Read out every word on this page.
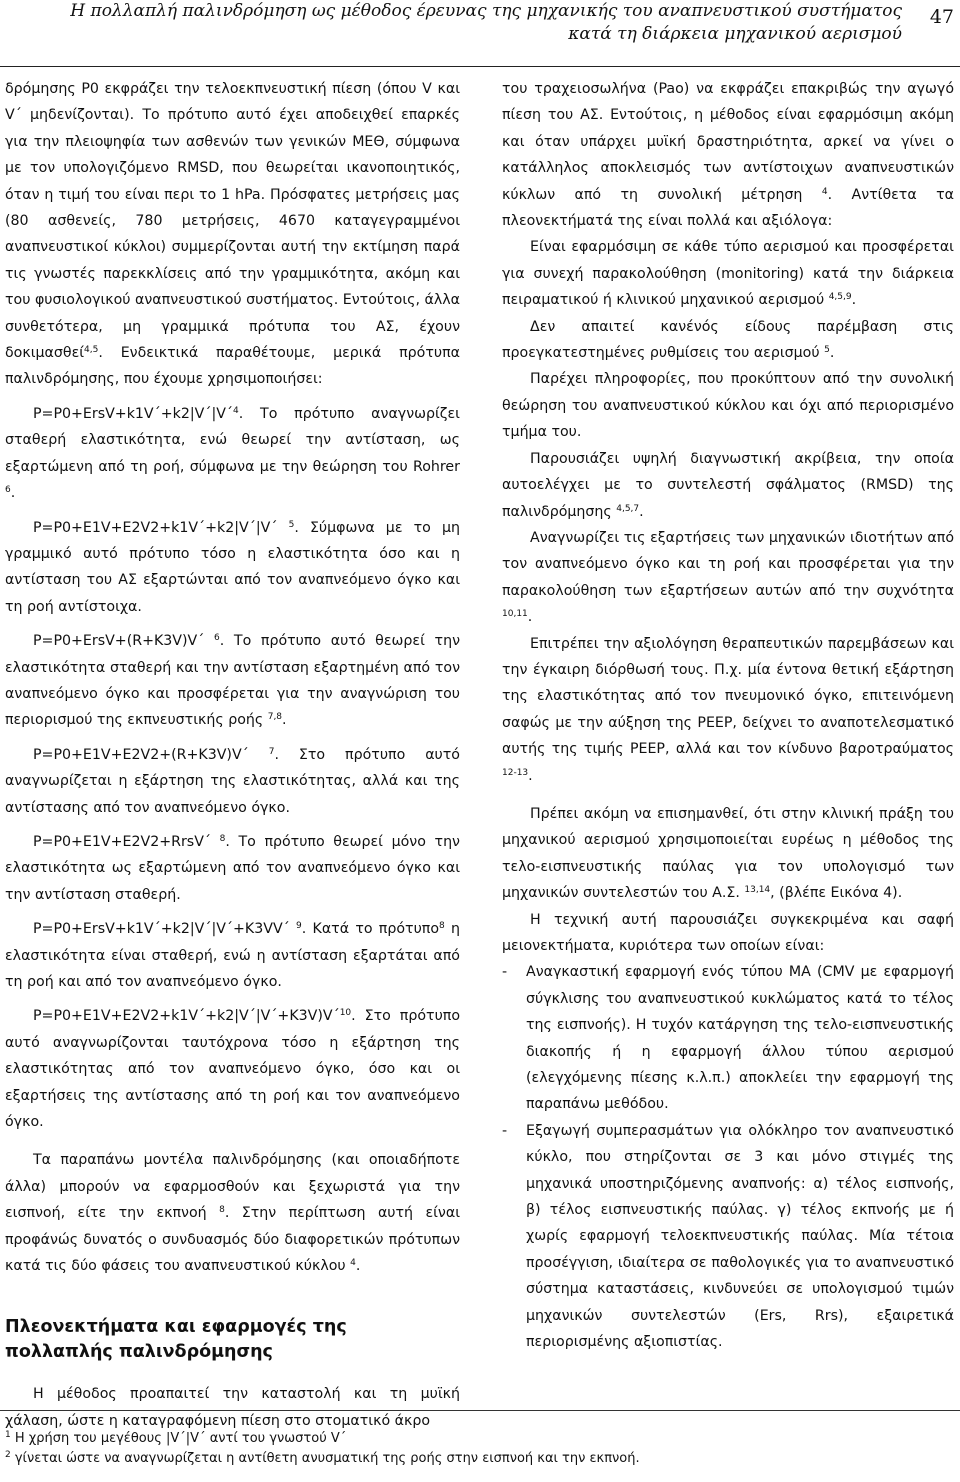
Η πολλαπλή παλινδρόμηση ως μέθοδος έρευνας της μηχανικής του αναπνευστικού συστήματος
κατά τη διάρκεια μηχανικού αερισμού
47

δρόμησης P0 εκφράζει την τελοεκπνευστική πίεση (όπου V και V΄ μηδενίζονται). Το πρότυπο αυτό έχει αποδειχθεί επαρκές για την πλειοψηφία των ασθενών των γενικών ΜΕΘ, σύμφωνα με τον υπολογιζόμενο RMSD, που θεωρείται ικανοποιητικός, όταν η τιμή του είναι περι το 1 hPa. Πρόσφατες μετρήσεις μας (80 ασθενείς, 780 μετρήσεις, 4670 καταγεγραμμένοι αναπνευστικοί κύκλοι) συμμερίζονται αυτή την εκτίμηση παρά τις γνωστές παρεκκλίσεις από την γραμμικότητα, ακόμη και του φυσιολογικού αναπνευστικού συστήματος. Εντούτοις, άλλα συνθετότερα, μη γραμμικά πρότυπα του ΑΣ, έχουν δοκιμασθεί$^{4,5}$. Ενδεικτικά παραθέτουμε, μερικά πρότυπα παλινδρόμησης, που έχουμε χρησιμοποιήσει:

P=P0+ErsV+k1V΄+k2|V΄|V΄$^4$. Το πρότυπο αναγνωρίζει σταθερή ελαστικότητα, ενώ θεωρεί την αντίσταση, ως εξαρτώμενη από τη ροή, σύμφωνα με την θεώρηση του Rohrer $^6$.

P=P0+E1V+E2V2+k1V΄+k2|V΄|V΄ $^5$. Σύμφωνα με το μη γραμμικό αυτό πρότυπο τόσο η ελαστικότητα όσο και η αντίσταση του ΑΣ εξαρτώνται από τον αναπνεόμενο όγκο και τη ροή αντίστοιχα.

P=P0+ErsV+(R+K3V)V΄ $^6$. Το πρότυπο αυτό θεωρεί την ελαστικότητα σταθερή και την αντίσταση εξαρτημένη από τον αναπνεόμενο όγκο και προσφέρεται για την αναγνώριση του περιορισμού της εκπνευστικής ροής $^{7,8}$.

P=P0+E1V+E2V2+(R+K3V)V΄ $^7$. Στο πρότυπο αυτό αναγνωρίζεται η εξάρτηση της ελαστικότητας, αλλά και της αντίστασης από τον αναπνεόμενο όγκο.

P=P0+E1V+E2V2+RrsV΄ $^8$. Το πρότυπο θεωρεί μόνο την ελαστικότητα ως εξαρτώμενη από τον αναπνεόμενο όγκο και την αντίσταση σταθερή.

P=P0+ErsV+k1V΄+k2|V΄|V΄+K3VV΄ $^9$. Κατά το πρότυπο$^8$ η ελαστικότητα είναι σταθερή, ενώ η αντίσταση εξαρτάται από τη ροή και από τον αναπνεόμενο όγκο.

P=P0+E1V+E2V2+k1V΄+k2|V΄|V΄+K3V)V΄$^{10}$. Στο πρότυπο αυτό αναγνωρίζονται ταυτόχρονα τόσο η εξάρτηση της ελαστικότητας από τον αναπνεόμενο όγκο, όσο και οι εξαρτήσεις της αντίστασης από τη ροή και τον αναπνεόμενο όγκο.

Τα παραπάνω μοντέλα παλινδρόμησης (και οποιαδήποτε άλλα) μπορούν να εφαρμοσθούν και ξεχωριστά για την εισπνοή, είτε την εκπνοή $^8$. Στην περίπτωση αυτή είναι προφάνώς δυνατός ο συνδυασμός δύο διαφορετικών πρότυπων κατά τις δύο φάσεις του αναπνευστικού κύκλου $^4$.

Πλεονεκτήματα και εφαρμογές της πολλαπλής παλινδρόμησης

Η μέθοδος προαπαιτεί την καταστολή και τη μυϊκή χάλαση, ώστε η καταγραφόμενη πίεση στο στοματικό άκρο

του τραχειοσωλήνα (Pao) να εκφράζει επακριβώς την αγωγό πίεση του ΑΣ. Εντούτοις, η μέθοδος είναι εφαρμόσιμη ακόμη και όταν υπάρχει μυϊκή δραστηριότητα, αρκεί να γίνει ο κατάλληλος αποκλεισμός των αντίστοιχων αναπνευστικών κύκλων από τη συνολική μέτρηση $^4$. Αντίθετα τα πλεονεκτήματά της είναι πολλά και αξιόλογα:

Είναι εφαρμόσιμη σε κάθε τύπο αερισμού και προσφέρεται για συνεχή παρακολούθηση (monitoring) κατά την διάρκεια πειραματικού ή κλινικού μηχανικού αερισμού $^{4,5,9}$.

Δεν απαιτεί κανένός είδους παρέμβαση στις προεγκατεστημένες ρυθμίσεις του αερισμού $^5$.

Παρέχει πληροφορίες, που προκύπτουν από την συνολική θεώρηση του αναπνευστικού κύκλου και όχι από περιορισμένο τμήμα του.

Παρουσιάζει υψηλή διαγνωστική ακρίβεια, την οποία αυτοελέγχει με το συντελεστή σφάλματος (RMSD) της παλινδρόμησης $^{4,5,7}$.

Αναγνωρίζει τις εξαρτήσεις των μηχανικών ιδιοτήτων από τον αναπνεόμενο όγκο και τη ροή και προσφέρεται για την παρακολούθηση των εξαρτήσεων αυτών από την συχνότητα $^{10,11}$.

Επιτρέπει την αξιολόγηση θεραπευτικών παρεμβάσεων και την έγκαιρη διόρθωσή τους. Π.χ. μία έντονα θετική εξάρτηση της ελαστικότητας από τον πνευμονικό όγκο, επιτεινόμενη σαφώς με την αύξηση της PEEP, δείχνει το αναποτελεσματικό αυτής της τιμής PEEP, αλλά και τον κίνδυνο βαροτραύματος $^{12-13}$.

Πρέπει ακόμη να επισημανθεί, ότι στην κλινική πράξη του μηχανικού αερισμού χρησιμοποιείται ευρέως η μέθοδος της τελο-εισπνευστικής παύλας για τον υπολογισμό των μηχανικών συντελεστών του Α.Σ. $^{13,14}$, (βλέπε Εικόνα 4).

Η τεχνική αυτή παρουσιάζει συγκεκριμένα και σαφή μειονεκτήματα, κυριότερα των οποίων είναι:

- Αναγκαστική εφαρμογή ενός τύπου ΜΑ (CMV με εφαρμογή σύγκλισης του αναπνευστικού κυκλώματος κατά το τέλος της εισπνοής). Η τυχόν κατάργηση της τελο-εισπνευστικής διακοπής ή η εφαρμογή άλλου τύπου αερισμού (ελεγχόμενης πίεσης κ.λ.π.) αποκλείει την εφαρμογή της παραπάνω μεθόδου.
- Εξαγωγή συμπερασμάτων για ολόκληρο τον αναπνευστικό κύκλο, που στηρίζονται σε 3 και μόνο στιγμές της μηχανικά υποστηριζόμενης αναπνοής: α) τέλος εισπνοής, β) τέλος εισπνευστικής παύλας. γ) τέλος εκπνοής με ή χωρίς εφαρμογή τελοεκπνευστικής παύλας. Μία τέτοια προσέγγιση, ιδιαίτερα σε παθολογικές για το αναπνευστικό σύστημα καταστάσεις, κινδυνεύει σε υπολογισμού τιμών μηχανικών συντελεστών (Ers, Rrs), εξαιρετικά περιορισμένης αξιοπιστίας.
$^1$ Η χρήση του μεγέθους |V΄|V΄ αντί του γνωστού V΄
$^2$ γίνεται ώστε να αναγνωρίζεται η αντίθετη ανυσματική της ροής στην εισπνοή και την εκπνοή.
